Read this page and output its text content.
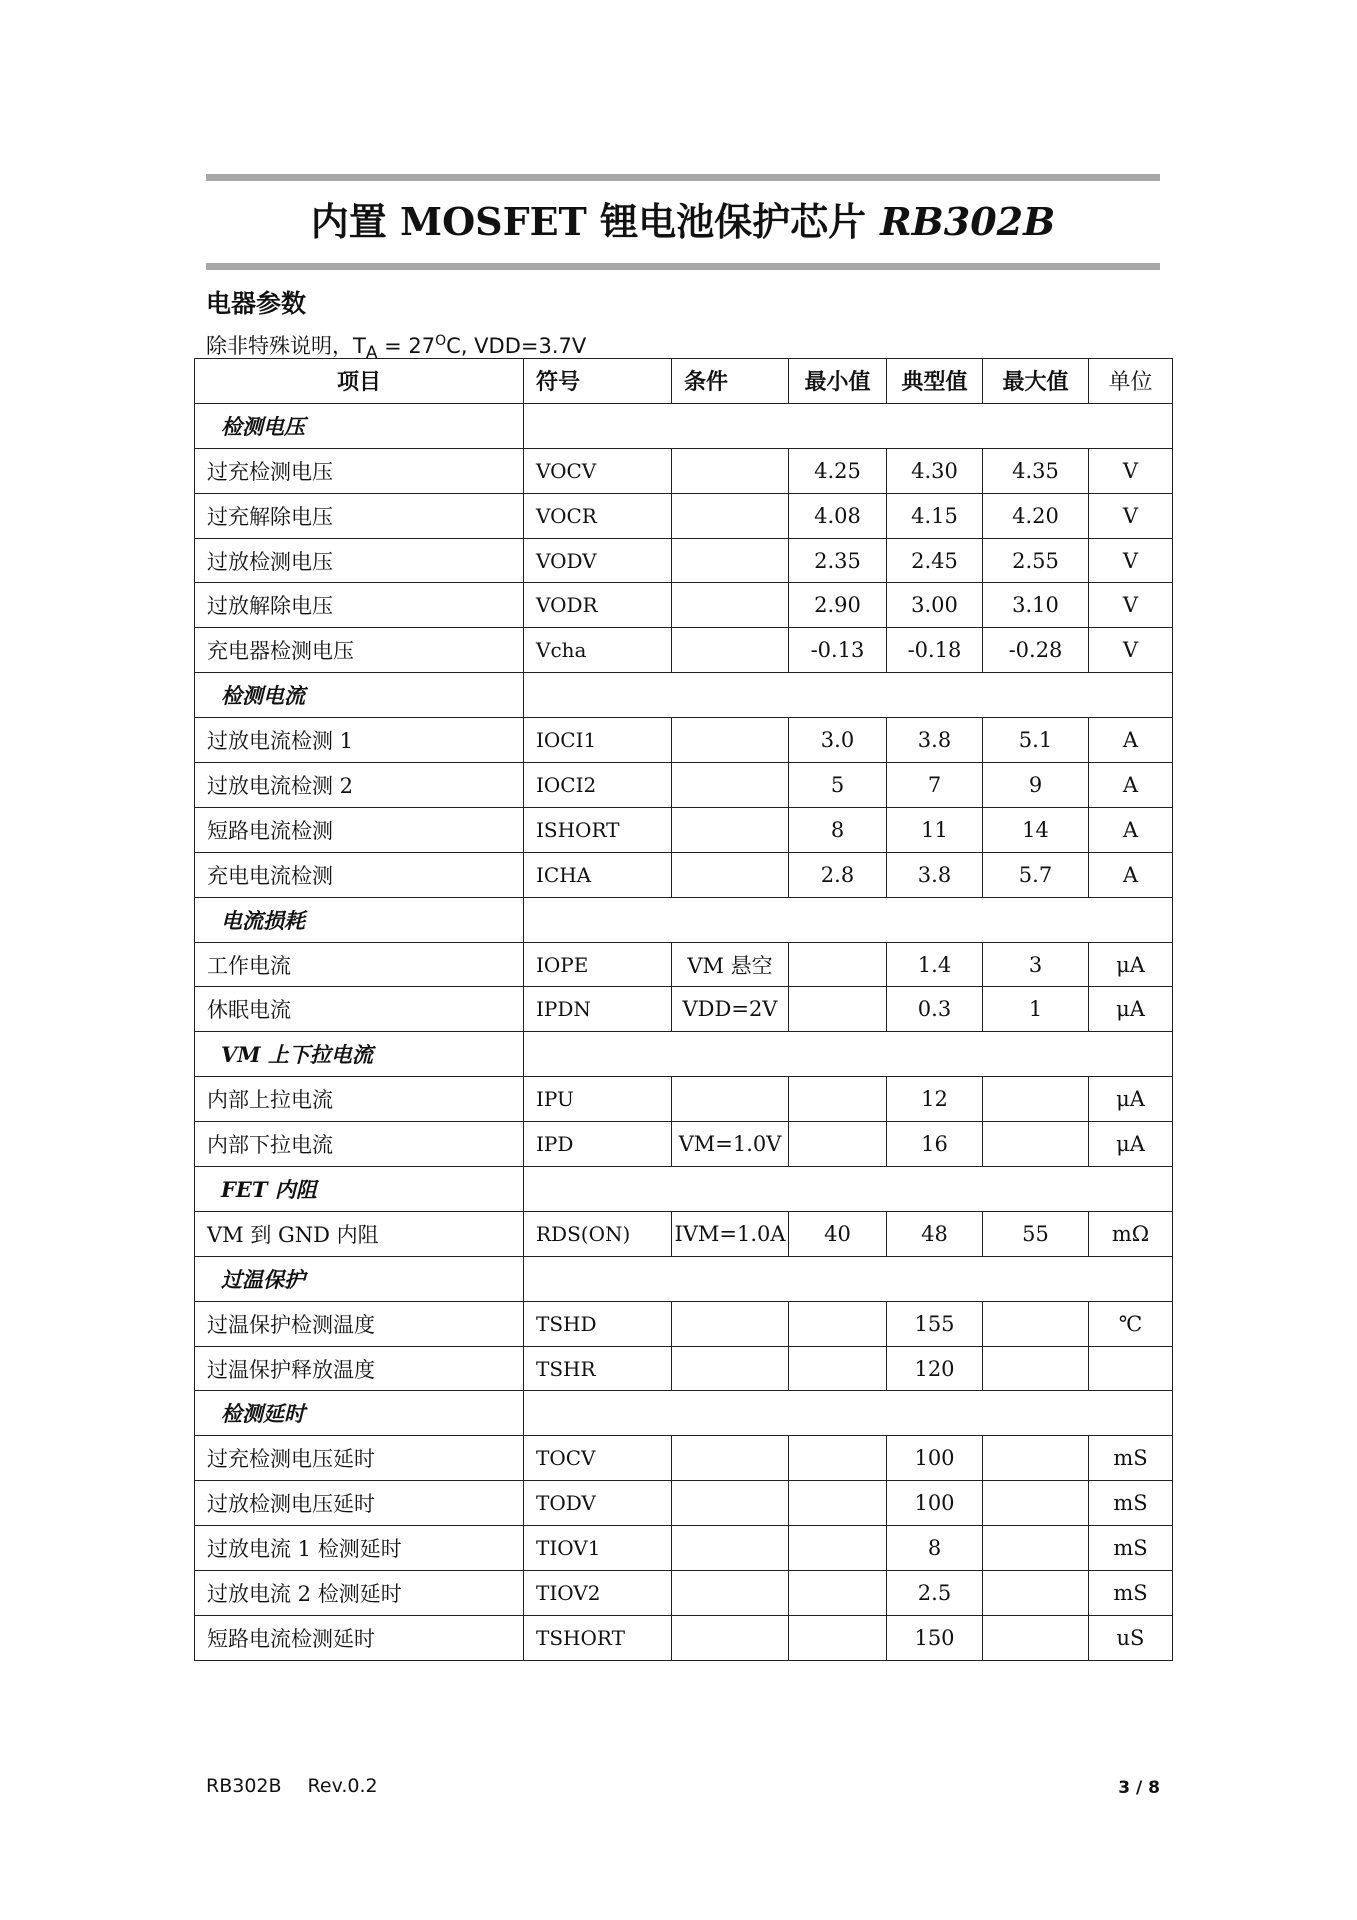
内置 MOSFET 锂电池保护芯片 RB302B
电器参数
除非特殊说明，$T_A = 27^OC$, VDD=3.7V
项目	符号	条件	最小值	典型值	最大值	单位
检测电压						
过充检测电压	VOCV		4.25	4.30	4.35	V
过充解除电压	VOCR		4.08	4.15	4.20	V
过放检测电压	VODV		2.35	2.45	2.55	V
过放解除电压	VODR		2.90	3.00	3.10	V
充电器检测电压	Vcha		-0.13	-0.18	-0.28	V
检测电流						
过放电流检测 1	IOCI1		3.0	3.8	5.1	A
过放电流检测 2	IOCI2		5	7	9	A
短路电流检测	ISHORT		8	11	14	A
充电电流检测	ICHA		2.8	3.8	5.7	A
电流损耗						
工作电流	IOPE	VM 悬空		1.4	3	μA
休眠电流	IPDN	VDD=2V		0.3	1	μA
VM 上下拉电流						
内部上拉电流	IPU			12		μA
内部下拉电流	IPD	VM=1.0V		16		μA
FET 内阻						
VM 到 GND 内阻	RDS(ON)	IVM=1.0A	40	48	55	mΩ
过温保护						
过温保护检测温度	TSHD			155		℃
过温保护释放温度	TSHR			120		
检测延时						
过充检测电压延时	TOCV			100		mS
过放检测电压延时	TODV			100		mS
过放电流 1 检测延时	TIOV1			8		mS
过放电流 2 检测延时	TIOV2			2.5		mS
短路电流检测延时	TSHORT			150		uS
RB302B Rev.0.2	3 / 8
